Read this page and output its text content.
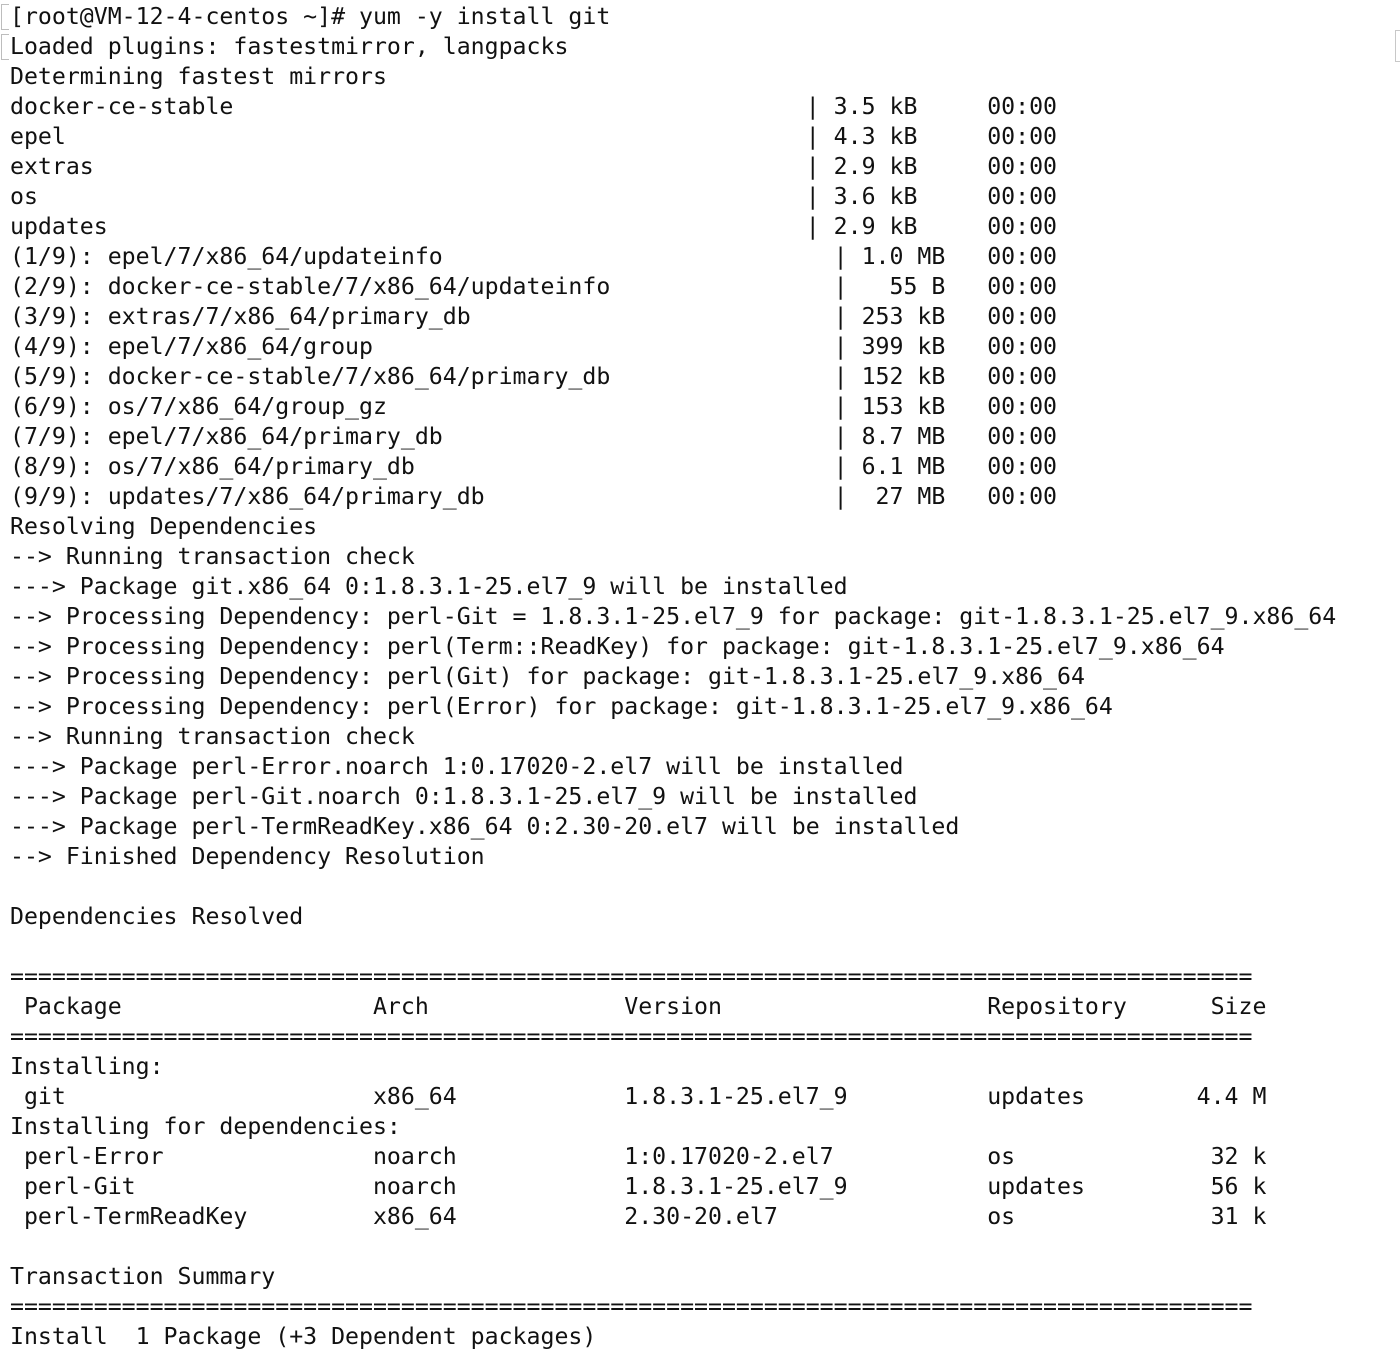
[root@VM-12-4-centos ~]# yum -y install git
Loaded plugins: fastestmirror, langpacks
Determining fastest mirrors
docker-ce-stable                                         | 3.5 kB     00:00
epel                                                     | 4.3 kB     00:00
extras                                                   | 2.9 kB     00:00
os                                                       | 3.6 kB     00:00
updates                                                  | 2.9 kB     00:00
(1/9): epel/7/x86_64/updateinfo                            | 1.0 MB   00:00
(2/9): docker-ce-stable/7/x86_64/updateinfo                |   55 B   00:00
(3/9): extras/7/x86_64/primary_db                          | 253 kB   00:00
(4/9): epel/7/x86_64/group                                 | 399 kB   00:00
(5/9): docker-ce-stable/7/x86_64/primary_db                | 152 kB   00:00
(6/9): os/7/x86_64/group_gz                                | 153 kB   00:00
(7/9): epel/7/x86_64/primary_db                            | 8.7 MB   00:00
(8/9): os/7/x86_64/primary_db                              | 6.1 MB   00:00
(9/9): updates/7/x86_64/primary_db                         |  27 MB   00:00
Resolving Dependencies
--> Running transaction check
---> Package git.x86_64 0:1.8.3.1-25.el7_9 will be installed
--> Processing Dependency: perl-Git = 1.8.3.1-25.el7_9 for package: git-1.8.3.1-25.el7_9.x86_64
--> Processing Dependency: perl(Term::ReadKey) for package: git-1.8.3.1-25.el7_9.x86_64
--> Processing Dependency: perl(Git) for package: git-1.8.3.1-25.el7_9.x86_64
--> Processing Dependency: perl(Error) for package: git-1.8.3.1-25.el7_9.x86_64
--> Running transaction check
---> Package perl-Error.noarch 1:0.17020-2.el7 will be installed
---> Package perl-Git.noarch 0:1.8.3.1-25.el7_9 will be installed
---> Package perl-TermReadKey.x86_64 0:2.30-20.el7 will be installed
--> Finished Dependency Resolution
Dependencies Resolved
=========================================================================================
Package                  Arch              Version                   Repository      Size
=========================================================================================
Installing:
git                      x86_64            1.8.3.1-25.el7_9          updates        4.4 M
Installing for dependencies:
perl-Error               noarch            1:0.17020-2.el7           os              32 k
perl-Git                 noarch            1.8.3.1-25.el7_9          updates         56 k
perl-TermReadKey         x86_64            2.30-20.el7               os              31 k
Transaction Summary
=========================================================================================
Install  1 Package (+3 Dependent packages)
